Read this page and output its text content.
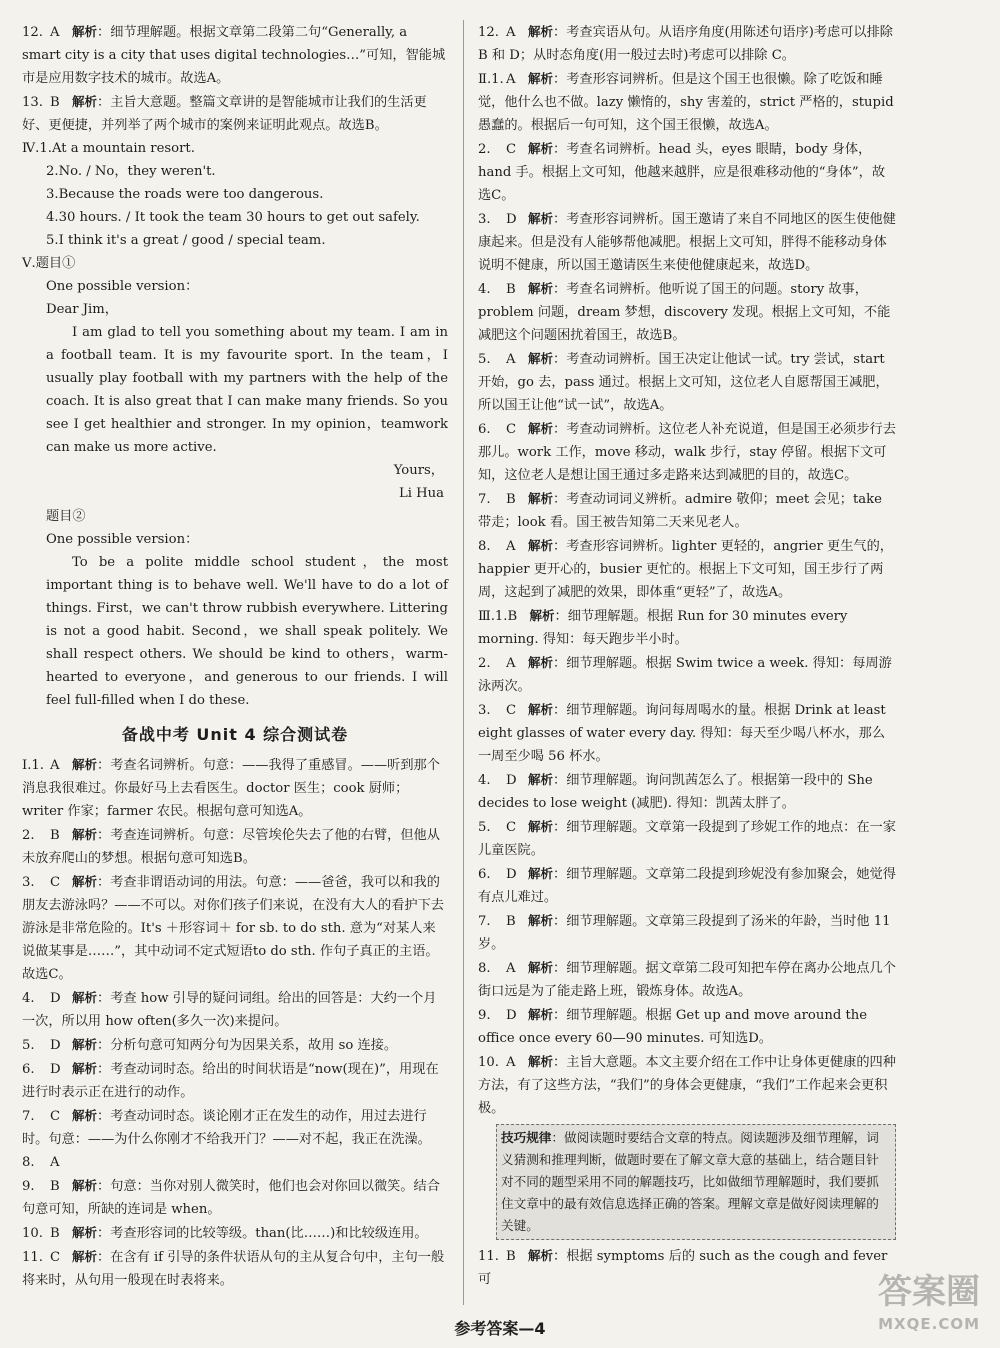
12. A 解析：细节理解题。根据文章第二段第二句“Generally, a smart city is a city that uses digital technologies…”可知，智能城市是应用数字技术的城市。故选A。
13. B 解析：主旨大意题。整篇文章讲的是智能城市让我们的生活更好、更便捷，并列举了两个城市的案例来证明此观点。故选B。
Ⅳ.1.At a mountain resort.
2.No. / No，they weren't.
3.Because the roads were too dangerous.
4.30 hours. / It took the team 30 hours to get out safely.
5.I think it's a great / good / special team.
Ⅴ.题目①
One possible version：
Dear Jim，

I am glad to tell you something about my team. I am in a football team. It is my favourite sport. In the team，I usually play football with my partners with the help of the coach. It is also great that I can make many friends. So you see I get healthier and stronger. In my opinion，teamwork can make us more active.

Yours，

Li Hua

题目②
One possible version：

To be a polite middle school student，the most important thing is to behave well. We'll have to do a lot of things. First，we can't throw rubbish everywhere. Littering is not a good habit. Second，we shall speak politely. We shall respect others. We should be kind to others，warm-hearted to everyone，and generous to our friends. I will feel full-filled when I do these.

备战中考 Unit 4 综合测试卷
Ⅰ.1. A 解析：考查名词辨析。句意：——我得了重感冒。——听到那个消息我很难过。你最好马上去看医生。doctor 医生；cook 厨师；writer 作家；farmer 农民。根据句意可知选A。
2. B 解析：考查连词辨析。句意：尽管埃伦失去了他的右臂，但他从未放弃爬山的梦想。根据句意可知选B。
3. C 解析：考查非谓语动词的用法。句意：——爸爸，我可以和我的朋友去游泳吗？——不可以。对你们孩子们来说，在没有大人的看护下去游泳是非常危险的。It's ＋形容词＋ for sb. to do sth. 意为“对某人来说做某事是……”，其中动词不定式短语to do sth. 作句子真正的主语。故选C。
4. D 解析：考查 how 引导的疑问词组。给出的回答是：大约一个月一次，所以用 how often(多久一次)来提问。
5. D 解析：分析句意可知两分句为因果关系，故用 so 连接。
6. D 解析：考查动词时态。给出的时间状语是“now(现在)”，用现在进行时表示正在进行的动作。
7. C 解析：考查动词时态。谈论刚才正在发生的动作，用过去进行时。句意：——为什么你刚才不给我开门？——对不起，我正在洗澡。
8. A
9. B 解析：句意：当你对别人微笑时，他们也会对你回以微笑。结合句意可知，所缺的连词是 when。
10. B 解析：考查形容词的比较等级。than(比……)和比较级连用。
11. C 解析：在含有 if 引导的条件状语从句的主从复合句中，主句一般将来时，从句用一般现在时表将来。
12. A 解析：考查宾语从句。从语序角度(用陈述句语序)考虑可以排除 B 和 D；从时态角度(用一般过去时)考虑可以排除 C。
Ⅱ.1. A 解析：考查形容词辨析。但是这个国王也很懒。除了吃饭和睡觉，他什么也不做。lazy 懒惰的，shy 害羞的，strict 严格的，stupid 愚蠢的。根据后一句可知，这个国王很懒，故选A。
2. C 解析：考查名词辨析。head 头，eyes 眼睛，body 身体，hand 手。根据上文可知，他越来越胖，应是很难移动他的“身体”，故选C。
3. D 解析：考查形容词辨析。国王邀请了来自不同地区的医生使他健康起来。但是没有人能够帮他减肥。根据上文可知，胖得不能移动身体说明不健康，所以国王邀请医生来使他健康起来，故选D。
4. B 解析：考查名词辨析。他听说了国王的问题。story 故事，problem 问题，dream 梦想，discovery 发现。根据上文可知，不能减肥这个问题困扰着国王，故选B。
5. A 解析：考查动词辨析。国王决定让他试一试。try 尝试，start 开始，go 去，pass 通过。根据上文可知，这位老人自愿帮国王减肥，所以国王让他“试一试”，故选A。
6. C 解析：考查动词辨析。这位老人补充说道，但是国王必须步行去那儿。work 工作，move 移动，walk 步行，stay 停留。根据下文可知，这位老人是想让国王通过多走路来达到减肥的目的，故选C。
7. B 解析：考查动词词义辨析。admire 敬仰；meet 会见；take 带走；look 看。国王被告知第二天来见老人。
8. A 解析：考查形容词辨析。lighter 更轻的，angrier 更生气的，happier 更开心的，busier 更忙的。根据上下文可知，国王步行了两周，这起到了减肥的效果，即体重“更轻”了，故选A。
Ⅲ.1.B 解析：细节理解题。根据 Run for 30 minutes every morning. 得知：每天跑步半小时。
2. A 解析：细节理解题。根据 Swim twice a week. 得知：每周游泳两次。
3. C 解析：细节理解题。询问每周喝水的量。根据 Drink at least eight glasses of water every day. 得知：每天至少喝八杯水，那么一周至少喝 56 杯水。
4. D 解析：细节理解题。询问凯茜怎么了。根据第一段中的 She decides to lose weight (减肥). 得知：凯茜太胖了。
5. C 解析：细节理解题。文章第一段提到了珍妮工作的地点：在一家儿童医院。
6. D 解析：细节理解题。文章第二段提到珍妮没有参加聚会，她觉得有点儿难过。
7. B 解析：细节理解题。文章第三段提到了汤米的年龄，当时他 11 岁。
8. A 解析：细节理解题。据文章第二段可知把车停在离办公地点几个街口远是为了能走路上班，锻炼身体。故选A。
9. D 解析：细节理解题。根据 Get up and move around the office once every 60—90 minutes. 可知选D。
10. A 解析：主旨大意题。本文主要介绍在工作中让身体更健康的四种方法，有了这些方法，“我们”的身体会更健康，“我们”工作起来会更积极。
技巧规律：做阅读题时要结合文章的特点。阅读题涉及细节理解，词义猜测和推理判断，做题时要在了解文章大意的基础上，结合题目针对不同的题型采用不同的解题技巧，比如做细节理解题时，我们要抓住文章中的最有效信息选择正确的答案。理解文章是做好阅读理解的关键。
11. B 解析：根据 symptoms 后的 such as the cough and fever 可
参考答案—4
答案圈
MXQE.COM
